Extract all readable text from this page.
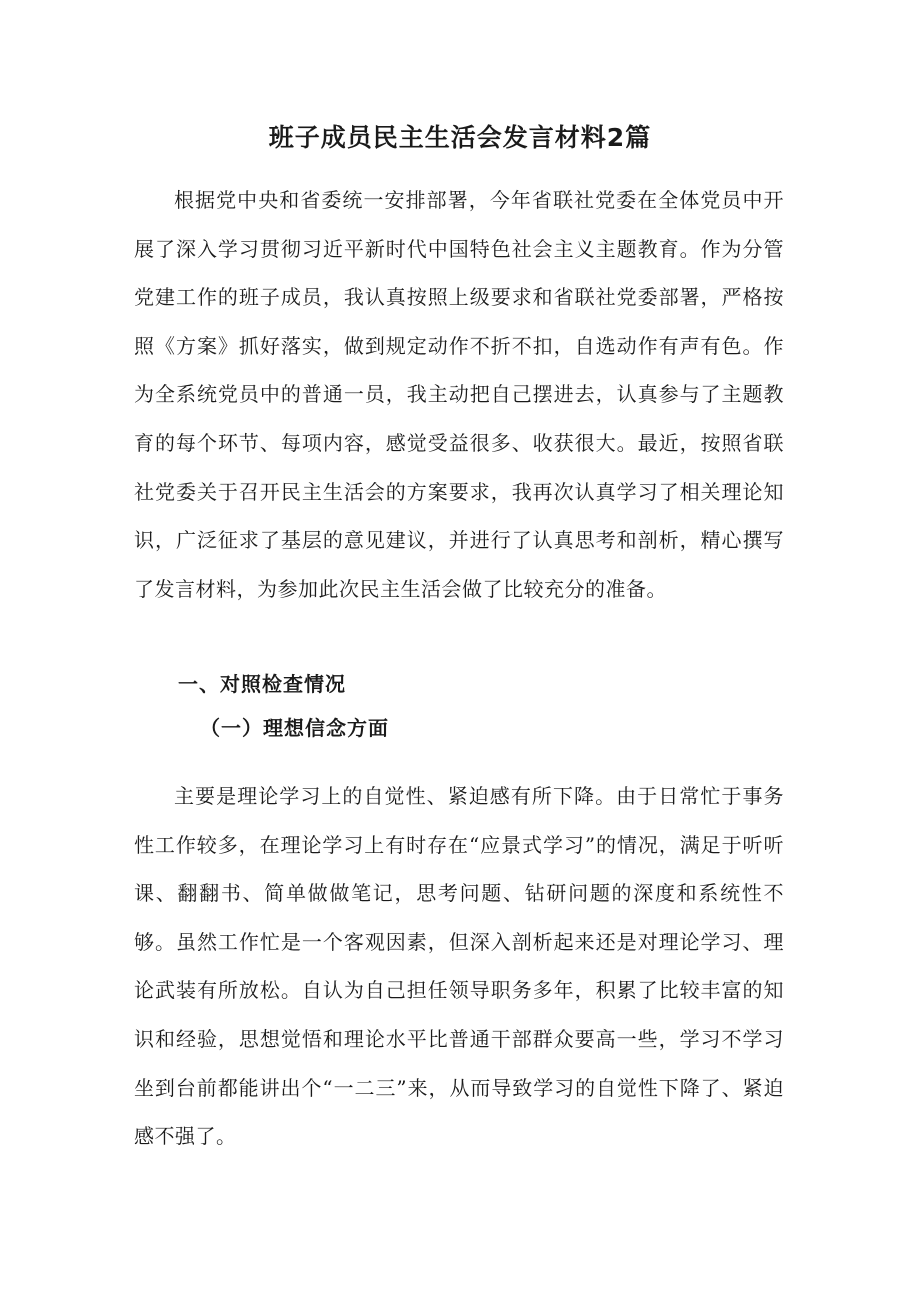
班子成员民主生活会发言材料2篇

根据党中央和省委统一安排部署，今年省联社党委在全体党员中开展了深入学习贯彻习近平新时代中国特色社会主义主题教育。作为分管党建工作的班子成员，我认真按照上级要求和省联社党委部署，严格按照《方案》抓好落实，做到规定动作不折不扣，自选动作有声有色。作为全系统党员中的普通一员，我主动把自己摆进去，认真参与了主题教育的每个环节、每项内容，感觉受益很多、收获很大。最近，按照省联社党委关于召开民主生活会的方案要求，我再次认真学习了相关理论知识，广泛征求了基层的意见建议，并进行了认真思考和剖析，精心撰写了发言材料，为参加此次民主生活会做了比较充分的准备。

一、对照检查情况
（一）理想信念方面

主要是理论学习上的自觉性、紧迫感有所下降。由于日常忙于事务性工作较多，在理论学习上有时存在“应景式学习”的情况，满足于听听课、翻翻书、简单做做笔记，思考问题、钻研问题的深度和系统性不够。虽然工作忙是一个客观因素，但深入剖析起来还是对理论学习、理论武装有所放松。自认为自己担任领导职务多年，积累了比较丰富的知识和经验，思想觉悟和理论水平比普通干部群众要高一些，学习不学习坐到台前都能讲出个“一二三”来，从而导致学习的自觉性下降了、紧迫感不强了。
